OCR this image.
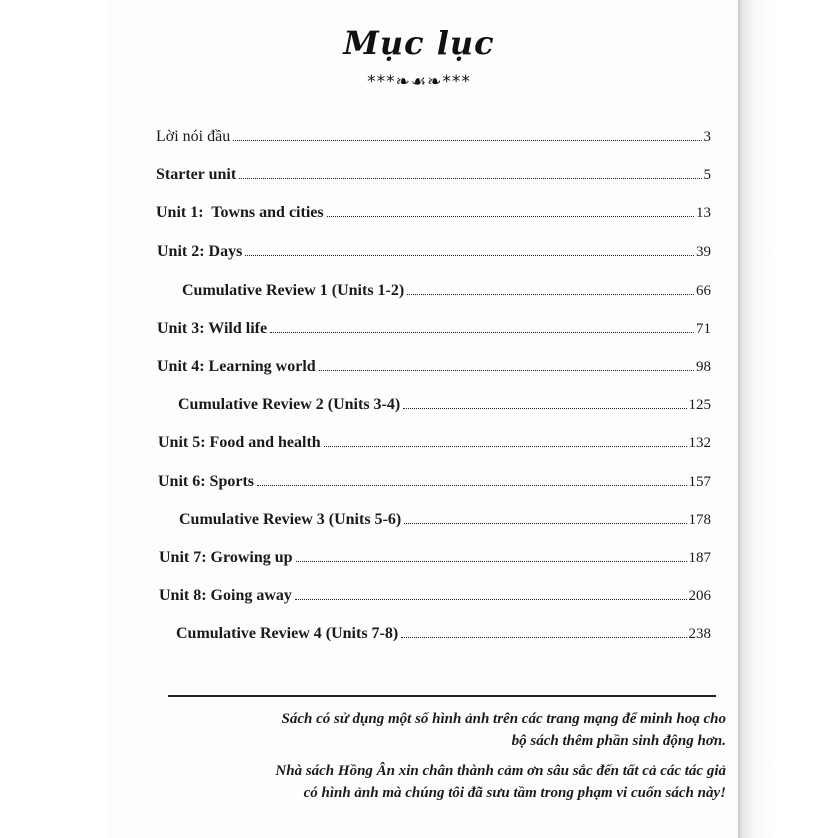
Mục lục
***❧☙❧***
Lời nói đầu	3
Starter unit	5
Unit 1:  Towns and cities	13
Unit 2: Days	39
Cumulative Review 1 (Units 1-2)	66
Unit 3: Wild life	71
Unit 4: Learning world	98
Cumulative Review 2 (Units 3-4)	125
Unit 5: Food and health	132
Unit 6: Sports	157
Cumulative Review 3 (Units 5-6)	178
Unit 7: Growing up	187
Unit 8: Going away	206
Cumulative Review 4 (Units 7-8)	238
Sách có sử dụng một số hình ảnh trên các trang mạng để minh hoạ cho
bộ sách thêm phần sinh động hơn.
Nhà sách Hồng Ân xin chân thành cảm ơn sâu sắc đến tất cả các tác giả
có hình ảnh mà chúng tôi đã sưu tầm trong phạm vi cuốn sách này!
